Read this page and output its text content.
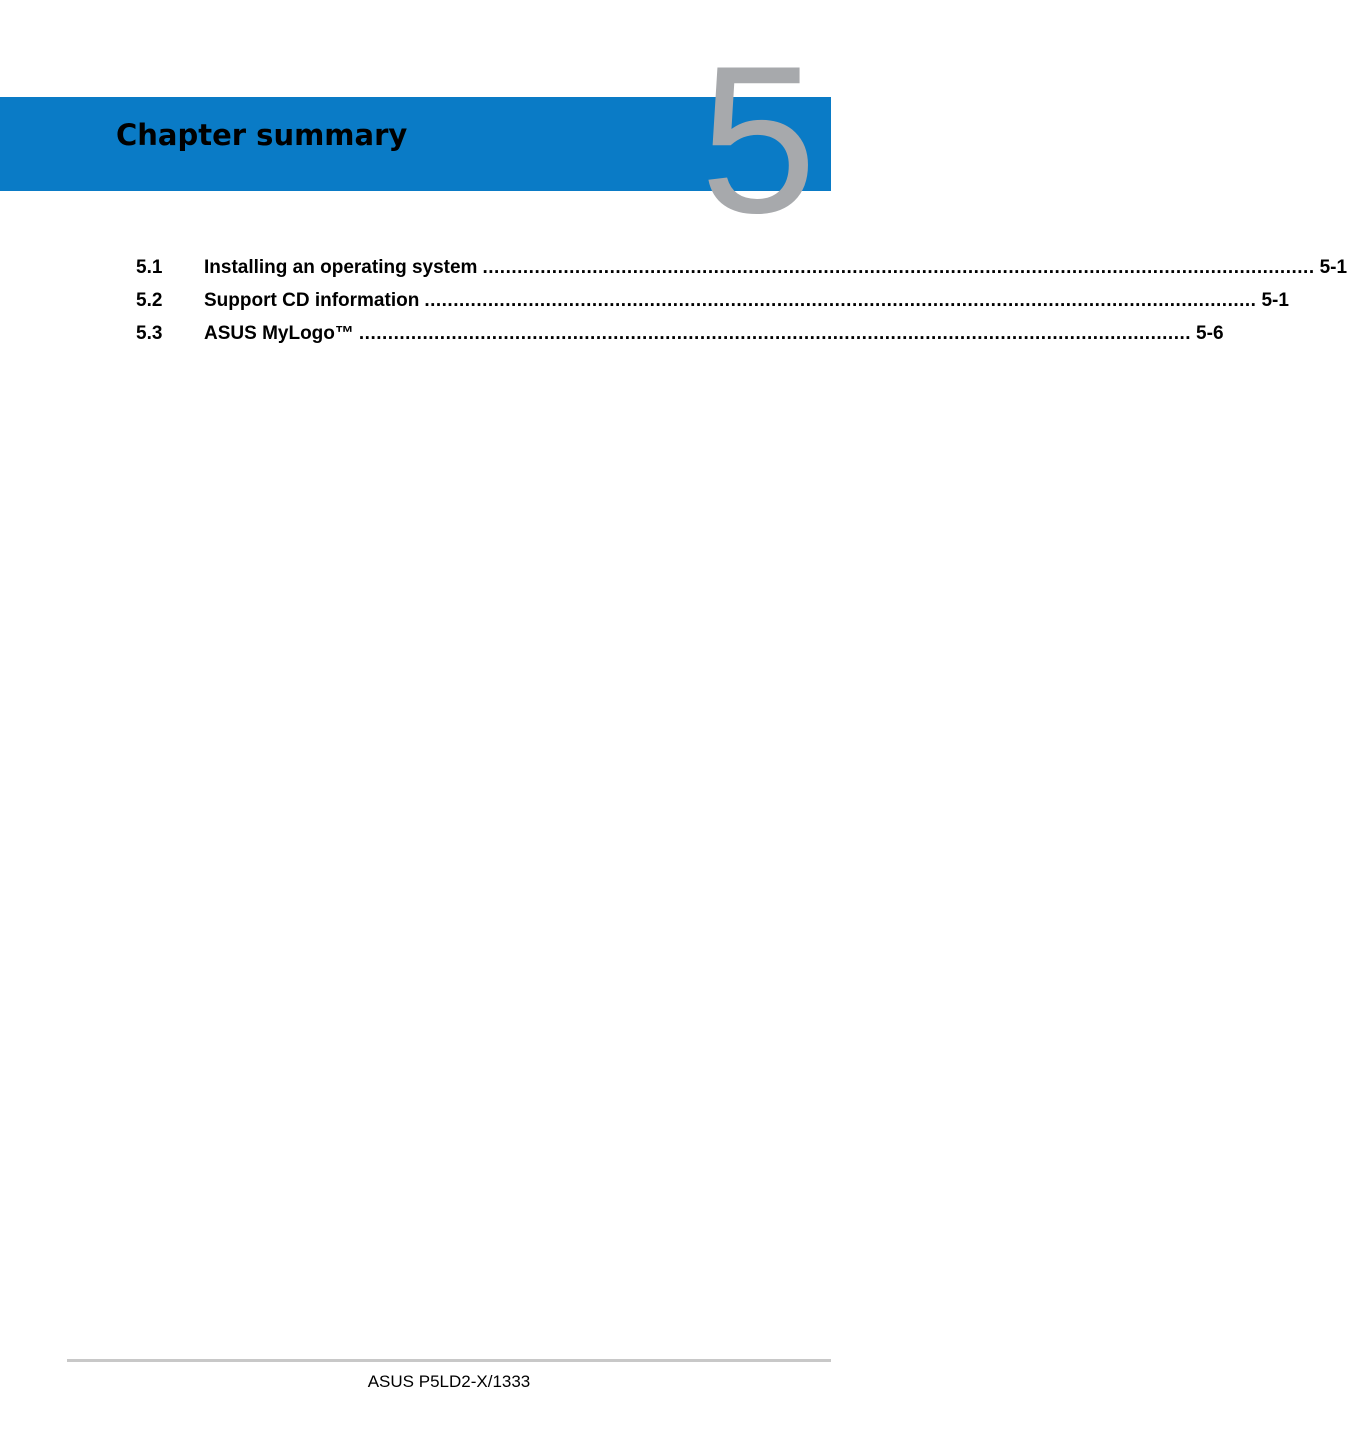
5
Chapter summary
5.1	Installing an operating system ................................................................................................................................................ 5-1
5.2	Support CD information ................................................................................................................................................ 5-1
5.3	ASUS MyLogo™ ................................................................................................................................................ 5-6
ASUS P5LD2-X/1333
